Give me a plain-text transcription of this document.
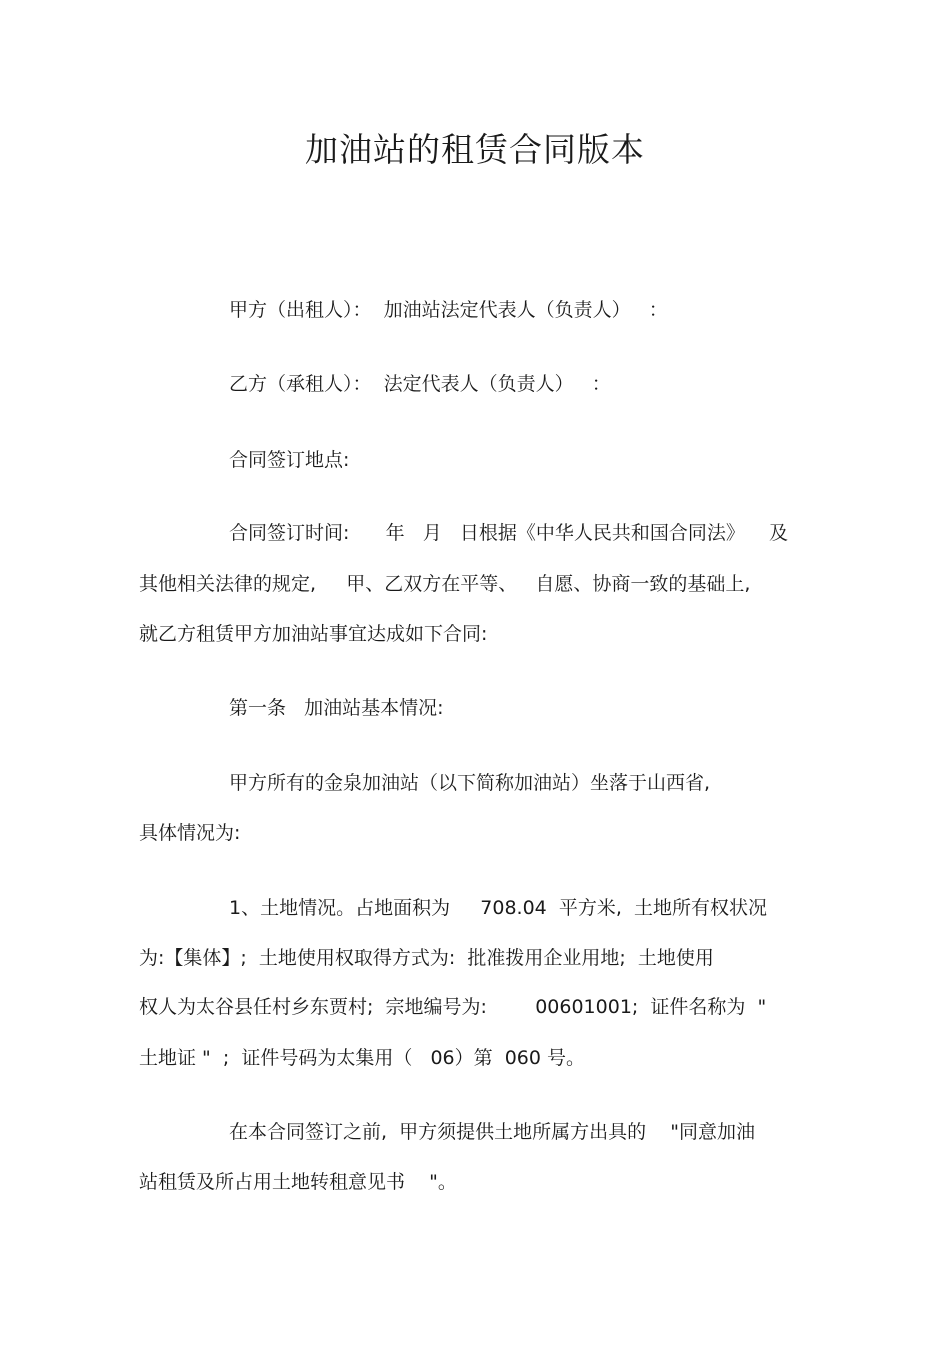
加油站的租赁合同版本
甲方（出租人）：  加油站法定代表人（负责人）   ：
乙方（承租人）：  法定代表人（负责人）   ：
合同签订地点:
合同签订时间:      年   月   日根据《中华人民共和国合同法》    及
其他相关法律的规定,     甲、乙双方在平等、   自愿、协商一致的基础上,
就乙方租赁甲方加油站事宜达成如下合同:
第一条   加油站基本情况:
甲方所有的金泉加油站（以下简称加油站）坐落于山西省,
具体情况为:
1、土地情况。占地面积为     708.04  平方米,  土地所有权状况
为:【集体】;  土地使用权取得方式为:  批准拨用企业用地;  土地使用
权人为太谷县任村乡东贾村;  宗地编号为:        00601001;  证件名称为  "
土地证 "  ;  证件号码为太集用（   06）第  060 号。
在本合同签订之前,  甲方须提供土地所属方出具的    "同意加油
站租赁及所占用土地转租意见书    "。
